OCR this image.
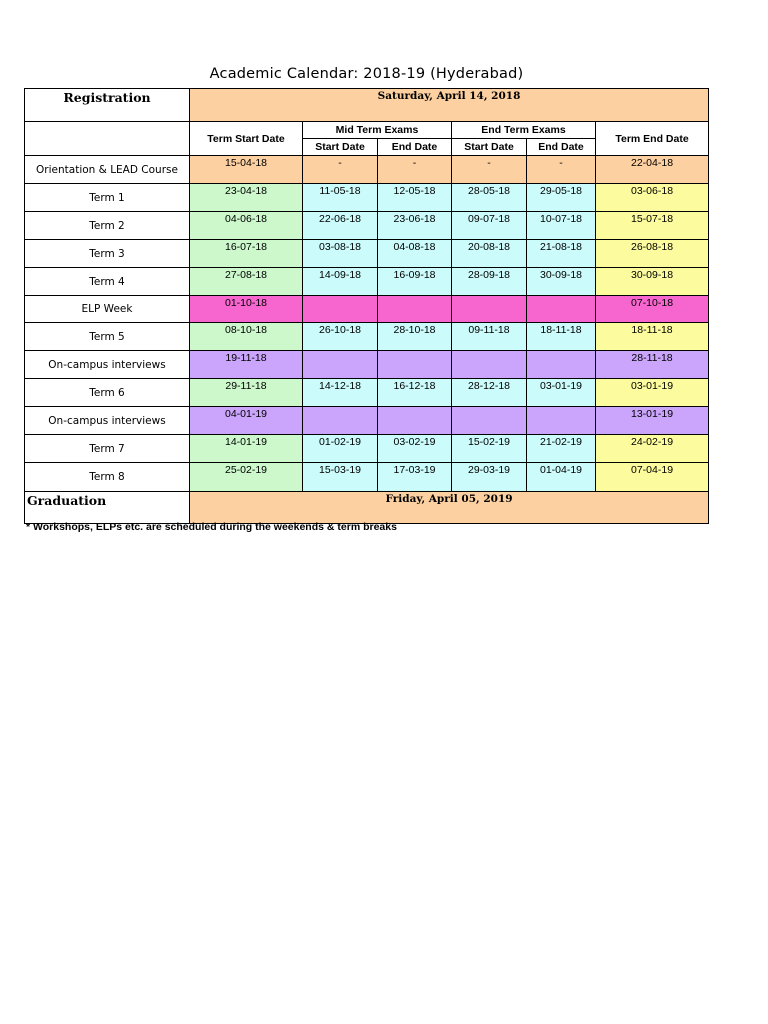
Academic Calendar: 2018-19 (Hyderabad)
Registration	Saturday, April 14, 2018					
	Term Start Date	Mid Term Exams		End Term Exams		Term End Date
		Start Date	End Date	Start Date	End Date	
Orientation & LEAD Course	15-04-18	-	-	-	-	22-04-18
Term 1	23-04-18	11-05-18	12-05-18	28-05-18	29-05-18	03-06-18
Term 2	04-06-18	22-06-18	23-06-18	09-07-18	10-07-18	15-07-18
Term 3	16-07-18	03-08-18	04-08-18	20-08-18	21-08-18	26-08-18
Term 4	27-08-18	14-09-18	16-09-18	28-09-18	30-09-18	30-09-18
ELP Week	01-10-18					07-10-18
Term 5	08-10-18	26-10-18	28-10-18	09-11-18	18-11-18	18-11-18
On-campus interviews	19-11-18					28-11-18
Term 6	29-11-18	14-12-18	16-12-18	28-12-18	03-01-19	03-01-19
On-campus interviews	04-01-19					13-01-19
Term 7	14-01-19	01-02-19	03-02-19	15-02-19	21-02-19	24-02-19
Term 8	25-02-19	15-03-19	17-03-19	29-03-19	01-04-19	07-04-19
Graduation	Friday, April 05, 2019					
* Workshops, ELPs etc. are scheduled during the weekends & term breaks
